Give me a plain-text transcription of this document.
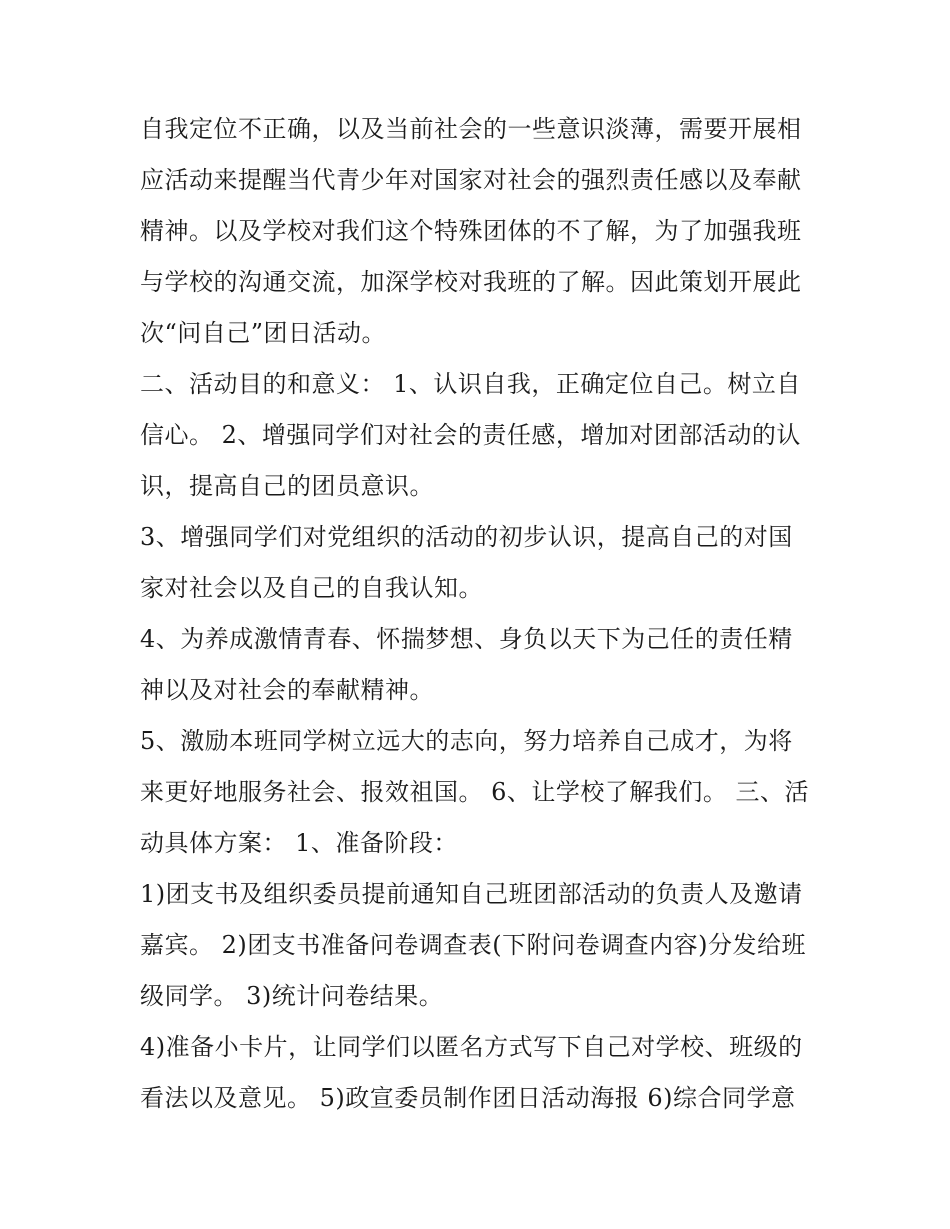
自我定位不正确，以及当前社会的一些意识淡薄，需要开展相
应活动来提醒当代青少年对国家对社会的强烈责任感以及奉献
精神。以及学校对我们这个特殊团体的不了解，为了加强我班
与学校的沟通交流，加深学校对我班的了解。因此策划开展此
次“问自己”团日活动。
二、活动目的和意义： 1、认识自我，正确定位自己。树立自
信心。 2、增强同学们对社会的责任感，增加对团部活动的认
识，提高自己的团员意识。
3、增强同学们对党组织的活动的初步认识，提高自己的对国
家对社会以及自己的自我认知。
4、为养成激情青春、怀揣梦想、身负以天下为己任的责任精
神以及对社会的奉献精神。
5、激励本班同学树立远大的志向，努力培养自己成才，为将
来更好地服务社会、报效祖国。 6、让学校了解我们。 三、活
动具体方案： 1、准备阶段：
1)团支书及组织委员提前通知自己班团部活动的负责人及邀请
嘉宾。 2)团支书准备问卷调查表(下附问卷调查内容)分发给班
级同学。 3)统计问卷结果。
4)准备小卡片，让同学们以匿名方式写下自己对学校、班级的
看法以及意见。 5)政宣委员制作团日活动海报 6)综合同学意
